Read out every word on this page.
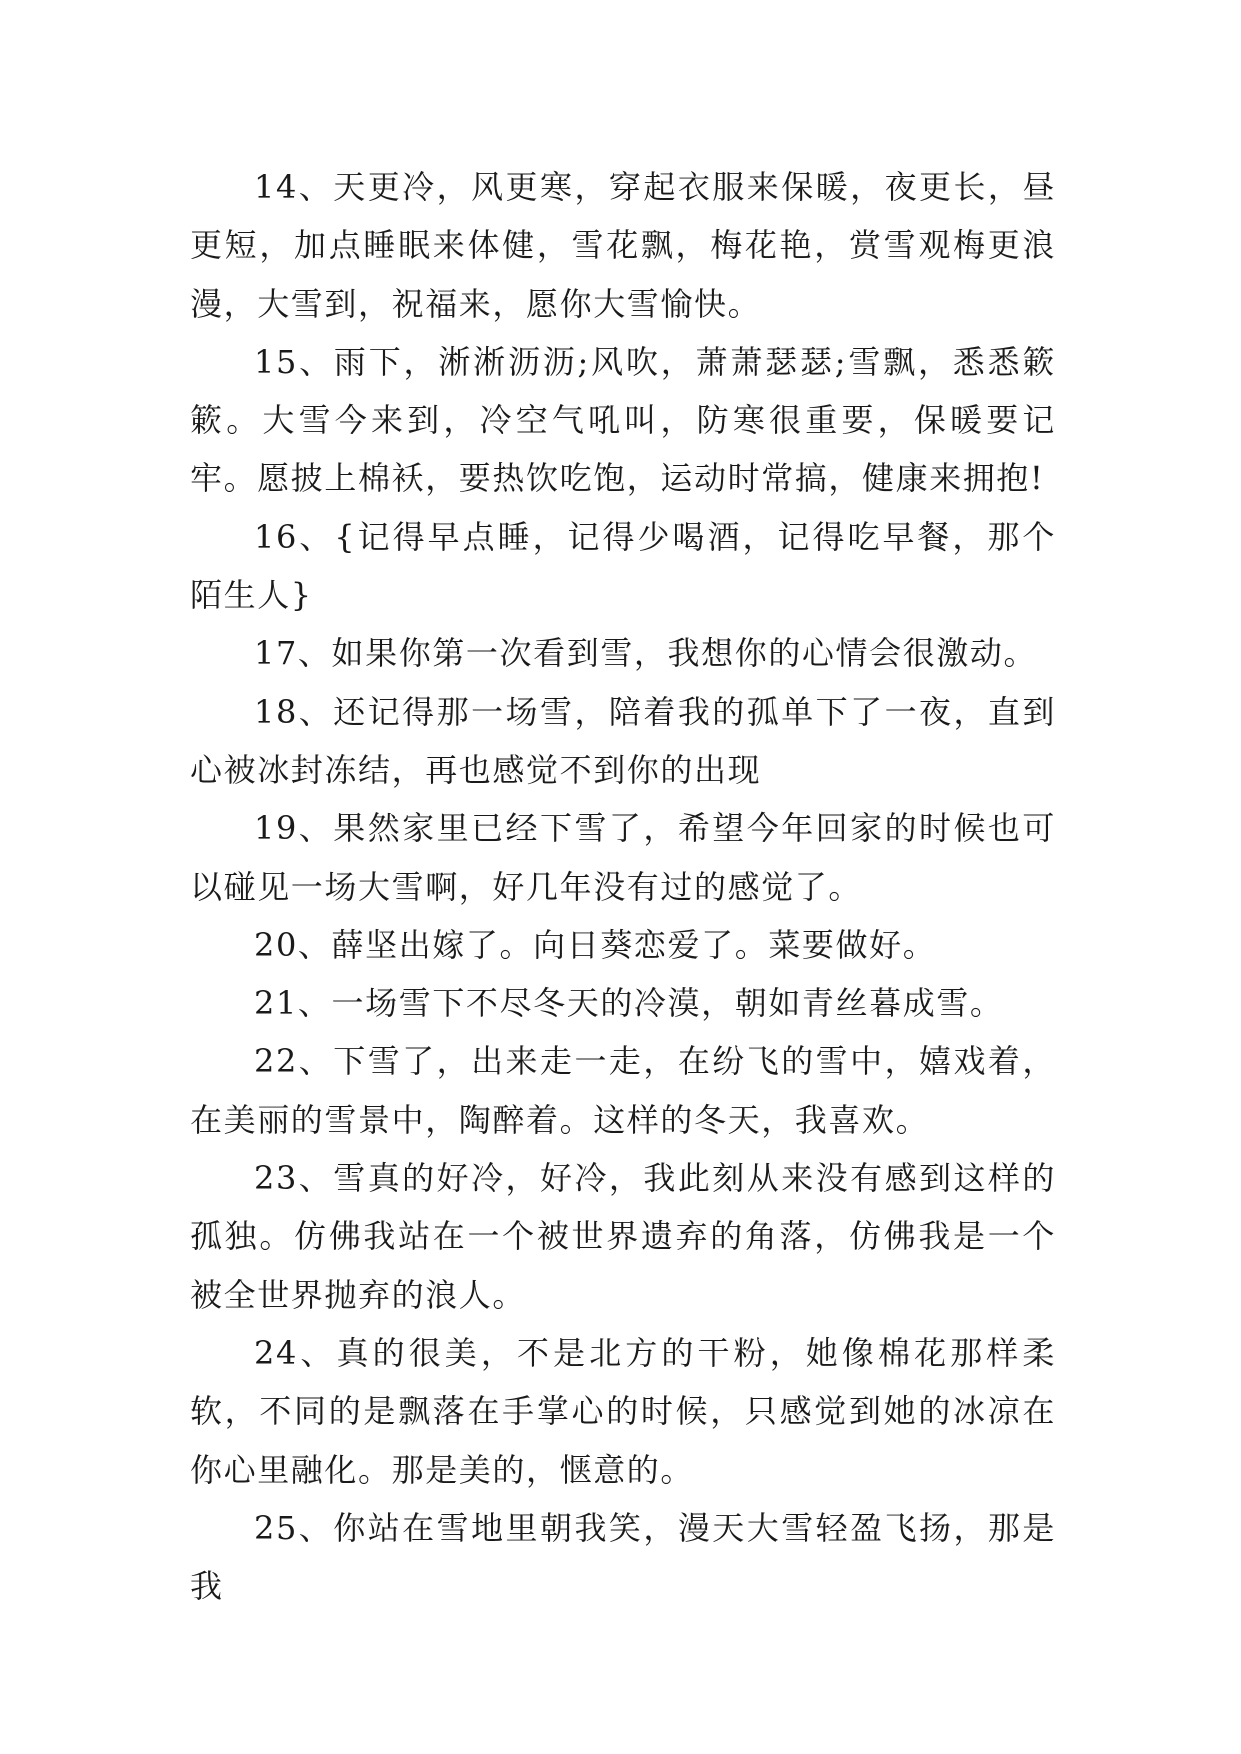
14、天更冷，风更寒，穿起衣服来保暖，夜更长，昼更短，加点睡眠来体健，雪花飘，梅花艳，赏雪观梅更浪漫，大雪到，祝福来，愿你大雪愉快。

15、雨下，淅淅沥沥;风吹，萧萧瑟瑟;雪飘，悉悉簌簌。大雪今来到，冷空气吼叫，防寒很重要，保暖要记牢。愿披上棉袄，要热饮吃饱，运动时常搞，健康来拥抱!

16、{记得早点睡，记得少喝酒，记得吃早餐，那个陌生人}

17、如果你第一次看到雪，我想你的心情会很激动。

18、还记得那一场雪，陪着我的孤单下了一夜，直到心被冰封冻结，再也感觉不到你的出现

19、果然家里已经下雪了，希望今年回家的时候也可以碰见一场大雪啊，好几年没有过的感觉了。

20、薛坚出嫁了。向日葵恋爱了。菜要做好。

21、一场雪下不尽冬天的冷漠，朝如青丝暮成雪。

22、下雪了，出来走一走，在纷飞的雪中，嬉戏着，在美丽的雪景中，陶醉着。这样的冬天，我喜欢。

23、雪真的好冷，好冷，我此刻从来没有感到这样的孤独。仿佛我站在一个被世界遗弃的角落，仿佛我是一个被全世界抛弃的浪人。

24、真的很美，不是北方的干粉，她像棉花那样柔软，不同的是飘落在手掌心的时候，只感觉到她的冰凉在你心里融化。那是美的，惬意的。

25、你站在雪地里朝我笑，漫天大雪轻盈飞扬，那是我
